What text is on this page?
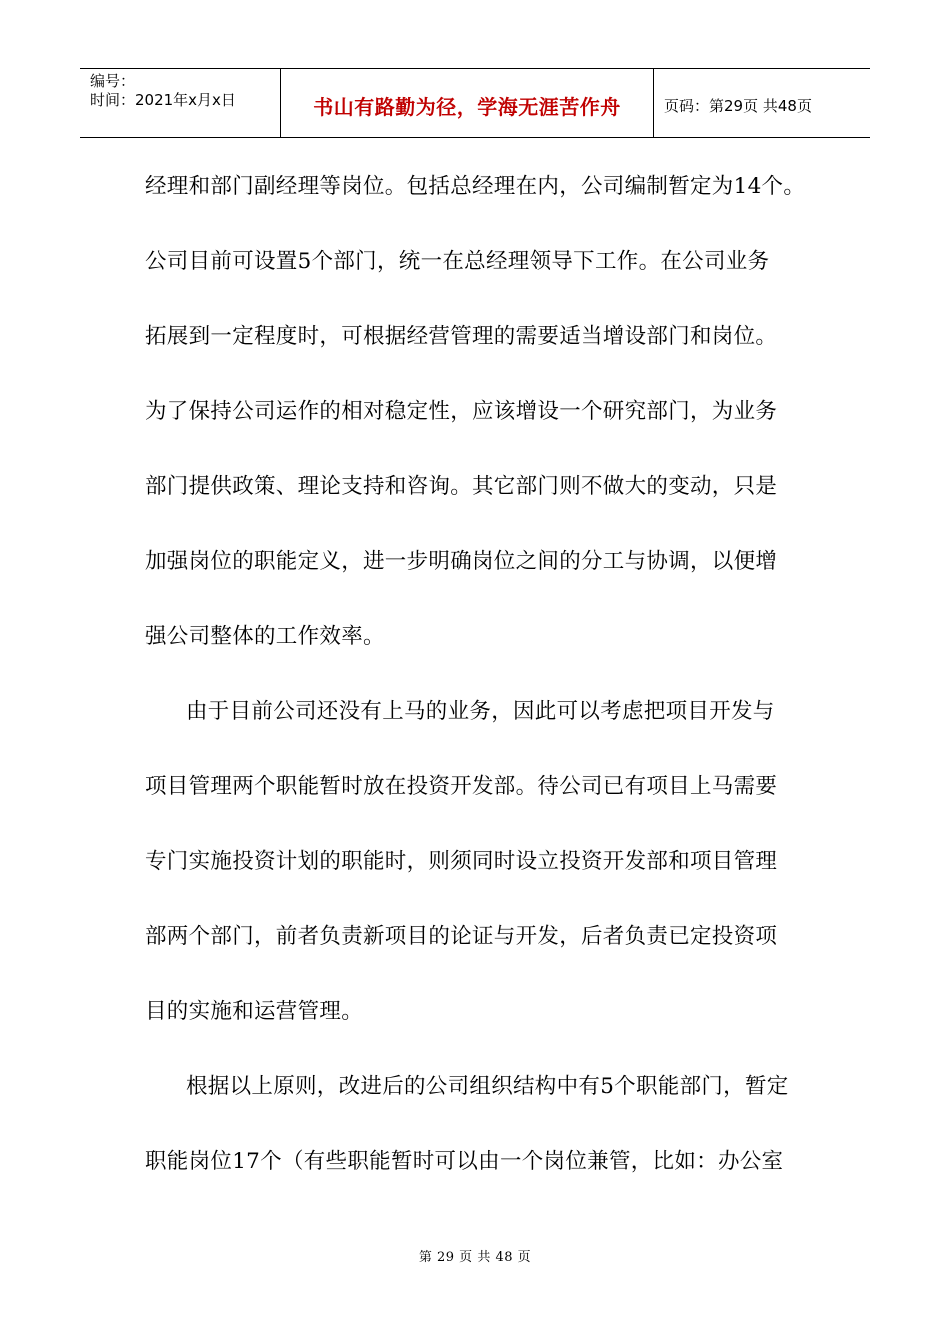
编号：
时间：2021年x月x日	书山有路勤为径，学海无涯苦作舟	页码：第29页 共48页
经理和部门副经理等岗位。包括总经理在内，公司编制暂定为14个。
公司目前可设置5个部门，统一在总经理领导下工作。在公司业务
拓展到一定程度时，可根据经营管理的需要适当增设部门和岗位。
为了保持公司运作的相对稳定性，应该增设一个研究部门，为业务
部门提供政策、理论支持和咨询。其它部门则不做大的变动，只是
加强岗位的职能定义，进一步明确岗位之间的分工与协调，以便增
强公司整体的工作效率。
由于目前公司还没有上马的业务，因此可以考虑把项目开发与
项目管理两个职能暂时放在投资开发部。待公司已有项目上马需要
专门实施投资计划的职能时，则须同时设立投资开发部和项目管理
部两个部门，前者负责新项目的论证与开发，后者负责已定投资项
目的实施和运营管理。
根据以上原则，改进后的公司组织结构中有5个职能部门，暂定
职能岗位17个（有些职能暂时可以由一个岗位兼管，比如：办公室
第 29 页 共 48 页
